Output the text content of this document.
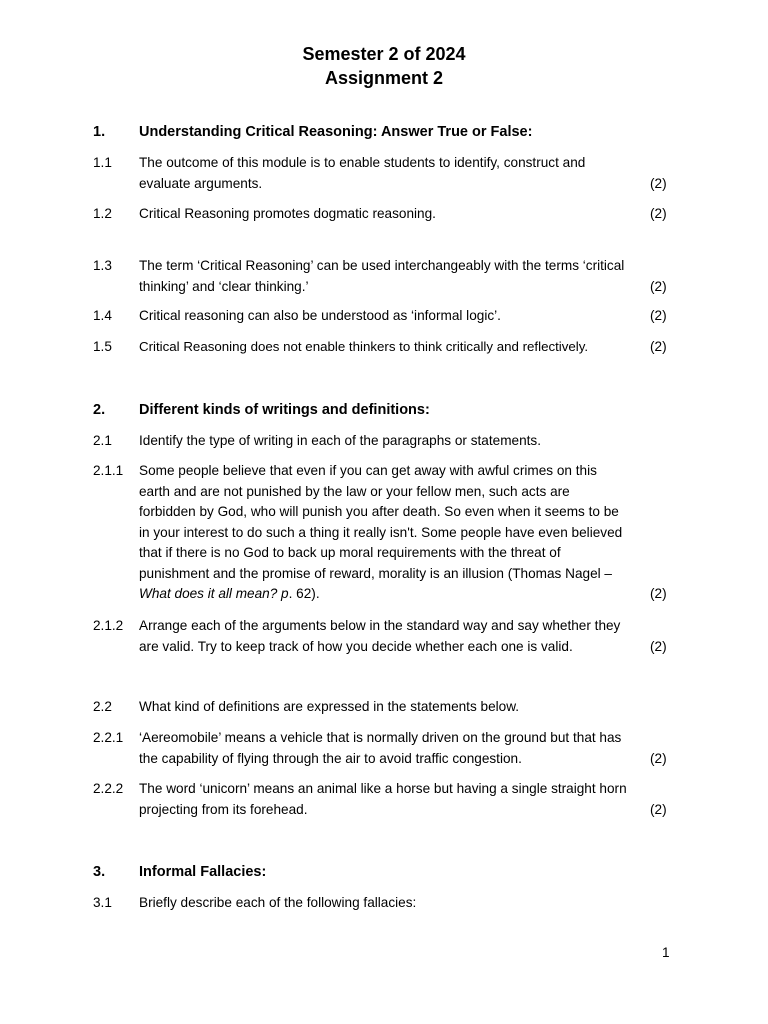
Semester 2 of 2024
Assignment 2
1. Understanding Critical Reasoning: Answer True or False:
1.1 The outcome of this module is to enable students to identify, construct and
evaluate arguments.	(2)
1.2 Critical Reasoning promotes dogmatic reasoning.	(2)
1.3 The term ‘Critical Reasoning’ can be used interchangeably with the terms ‘critical
thinking’ and ‘clear thinking.’	(2)
1.4 Critical reasoning can also be understood as ‘informal logic’.	(2)
1.5 Critical Reasoning does not enable thinkers to think critically and reflectively.	(2)
2. Different kinds of writings and definitions:
2.1 Identify the type of writing in each of the paragraphs or statements.
2.1.1 Some people believe that even if you can get away with awful crimes on this
earth and are not punished by the law or your fellow men, such acts are
forbidden by God, who will punish you after death. So even when it seems to be
in your interest to do such a thing it really isn't. Some people have even believed
that if there is no God to back up moral requirements with the threat of
punishment and the promise of reward, morality is an illusion (Thomas Nagel –
What does it all mean? p. 62).	(2)
2.1.2 Arrange each of the arguments below in the standard way and say whether they
are valid. Try to keep track of how you decide whether each one is valid.	(2)
2.2 What kind of definitions are expressed in the statements below.
2.2.1 ‘Aereomobile’ means a vehicle that is normally driven on the ground but that has
the capability of flying through the air to avoid traffic congestion.	(2)
2.2.2 The word ‘unicorn’ means an animal like a horse but having a single straight horn
projecting from its forehead.	(2)
3. Informal Fallacies:
3.1 Briefly describe each of the following fallacies:
1
